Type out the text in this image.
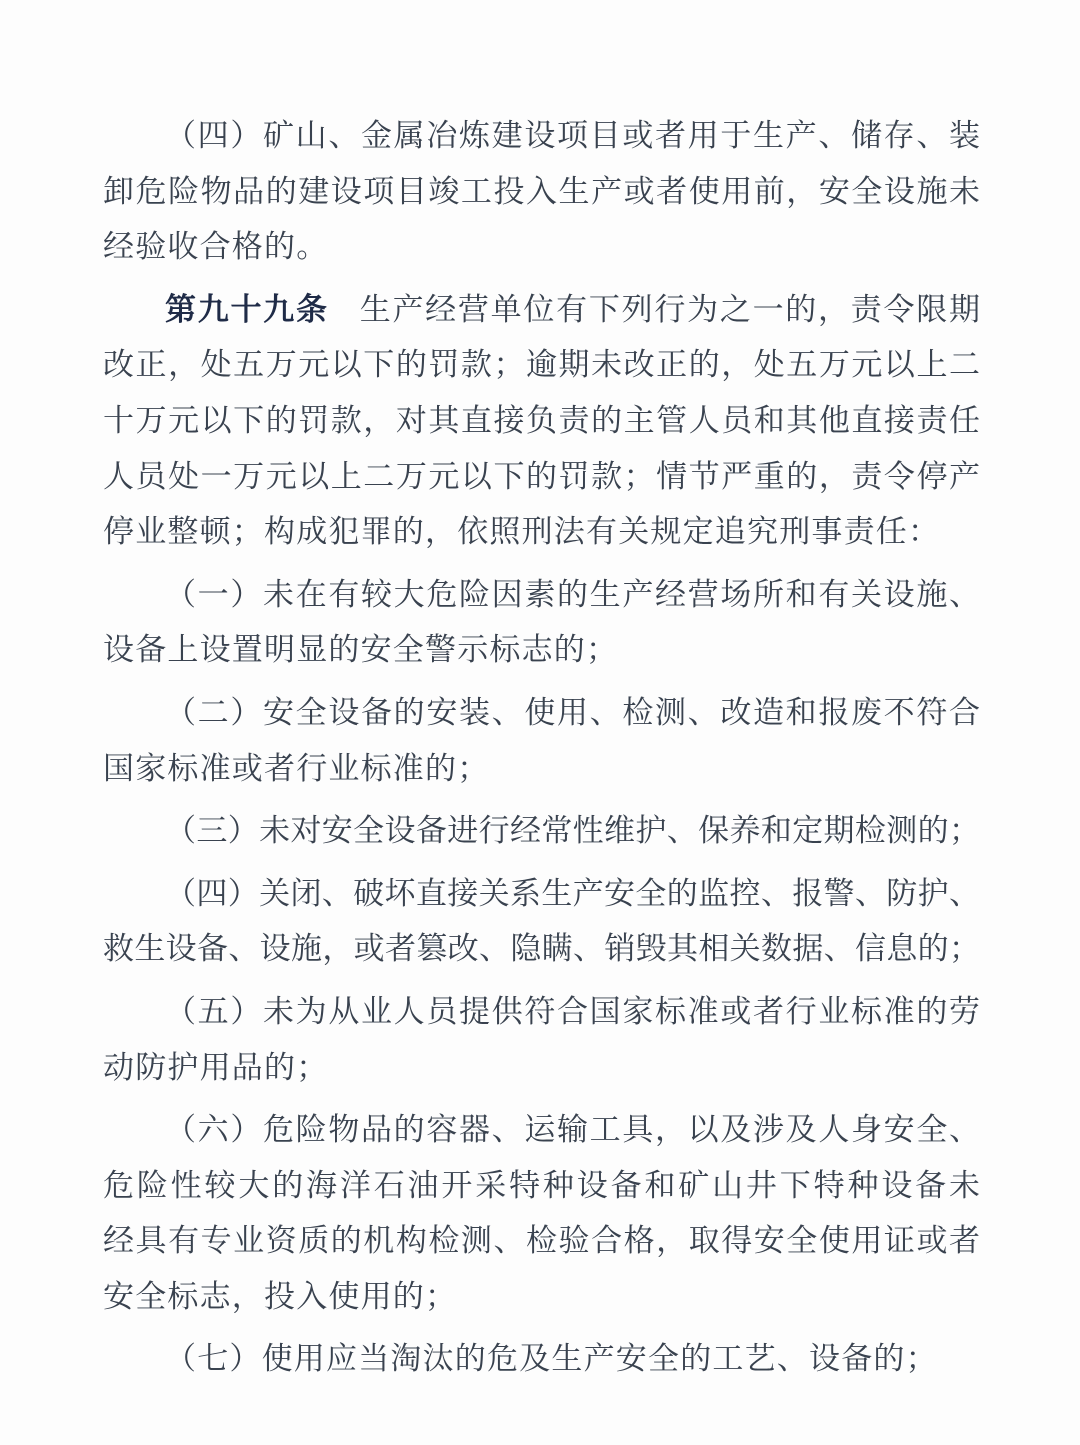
（四）矿山、金属冶炼建设项目或者用于生产、储存、装
卸危险物品的建设项目竣工投入生产或者使用前，安全设施未
经验收合格的。
第九十九条 生产经营单位有下列行为之一的，责令限期
改正，处五万元以下的罚款；逾期未改正的，处五万元以上二
十万元以下的罚款，对其直接负责的主管人员和其他直接责任
人员处一万元以上二万元以下的罚款；情节严重的，责令停产
停业整顿；构成犯罪的，依照刑法有关规定追究刑事责任：
（一）未在有较大危险因素的生产经营场所和有关设施、
设备上设置明显的安全警示标志的；
（二）安全设备的安装、使用、检测、改造和报废不符合
国家标准或者行业标准的；
（三）未对安全设备进行经常性维护、保养和定期检测的；
（四）关闭、破坏直接关系生产安全的监控、报警、防护、
救生设备、设施，或者篡改、隐瞒、销毁其相关数据、信息的；
（五）未为从业人员提供符合国家标准或者行业标准的劳
动防护用品的；
（六）危险物品的容器、运输工具，以及涉及人身安全、
危险性较大的海洋石油开采特种设备和矿山井下特种设备未
经具有专业资质的机构检测、检验合格，取得安全使用证或者
安全标志，投入使用的；
（七）使用应当淘汰的危及生产安全的工艺、设备的；
